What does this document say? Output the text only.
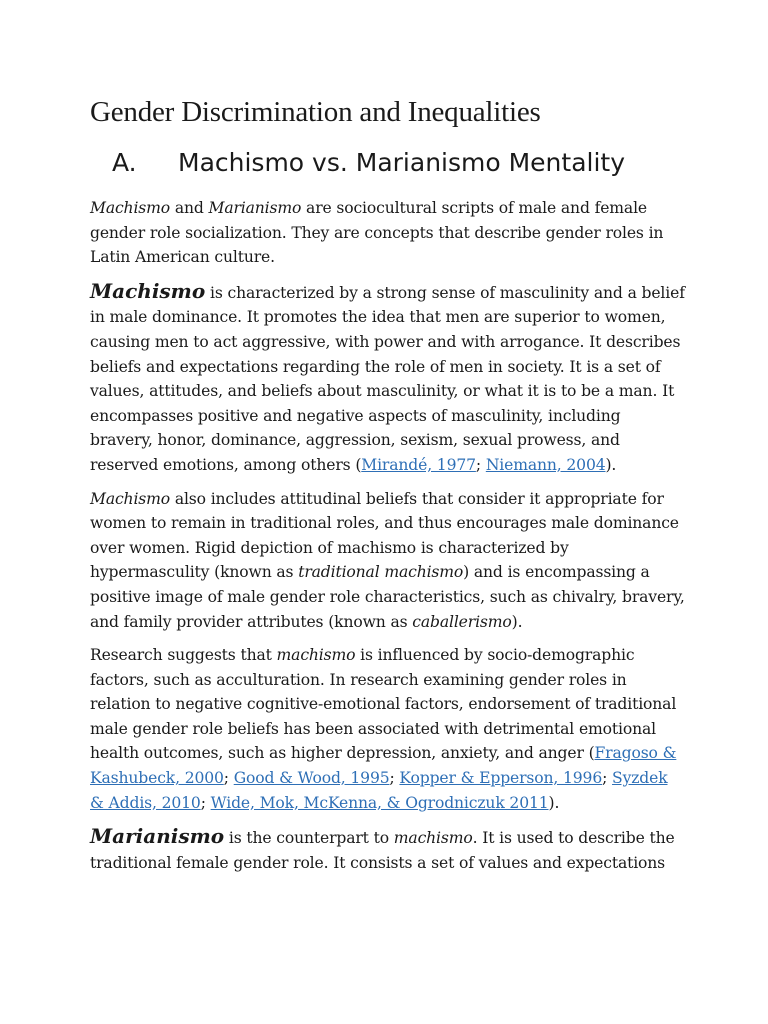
Gender Discrimination and Inequalities
A. Machismo vs. Marianismo Mentality

Machismo and Marianismo are sociocultural scripts of male and female gender role socialization. They are concepts that describe gender roles in Latin American culture.

Machismo is characterized by a strong sense of masculinity and a belief in male dominance. It promotes the idea that men are superior to women, causing men to act aggressive, with power and with arrogance. It describes beliefs and expectations regarding the role of men in society. It is a set of values, attitudes, and beliefs about masculinity, or what it is to be a man. It encompasses positive and negative aspects of masculinity, including bravery, honor, dominance, aggression, sexism, sexual prowess, and reserved emotions, among others (Mirandé, 1977; Niemann, 2004).

Machismo also includes attitudinal beliefs that consider it appropriate for women to remain in traditional roles, and thus encourages male dominance over women. Rigid depiction of machismo is characterized by hypermasculity (known as traditional machismo) and is encompassing a positive image of male gender role characteristics, such as chivalry, bravery, and family provider attributes (known as caballerismo).

Research suggests that machismo is influenced by socio-demographic factors, such as acculturation. In research examining gender roles in relation to negative cognitive-emotional factors, endorsement of traditional male gender role beliefs has been associated with detrimental emotional health outcomes, such as higher depression, anxiety, and anger (Fragoso & Kashubeck, 2000; Good & Wood, 1995; Kopper & Epperson, 1996; Syzdek & Addis, 2010; Wide, Mok, McKenna, & Ogrodniczuk 2011).

Marianismo is the counterpart to machismo. It is used to describe the traditional female gender role. It consists a set of values and expectations
